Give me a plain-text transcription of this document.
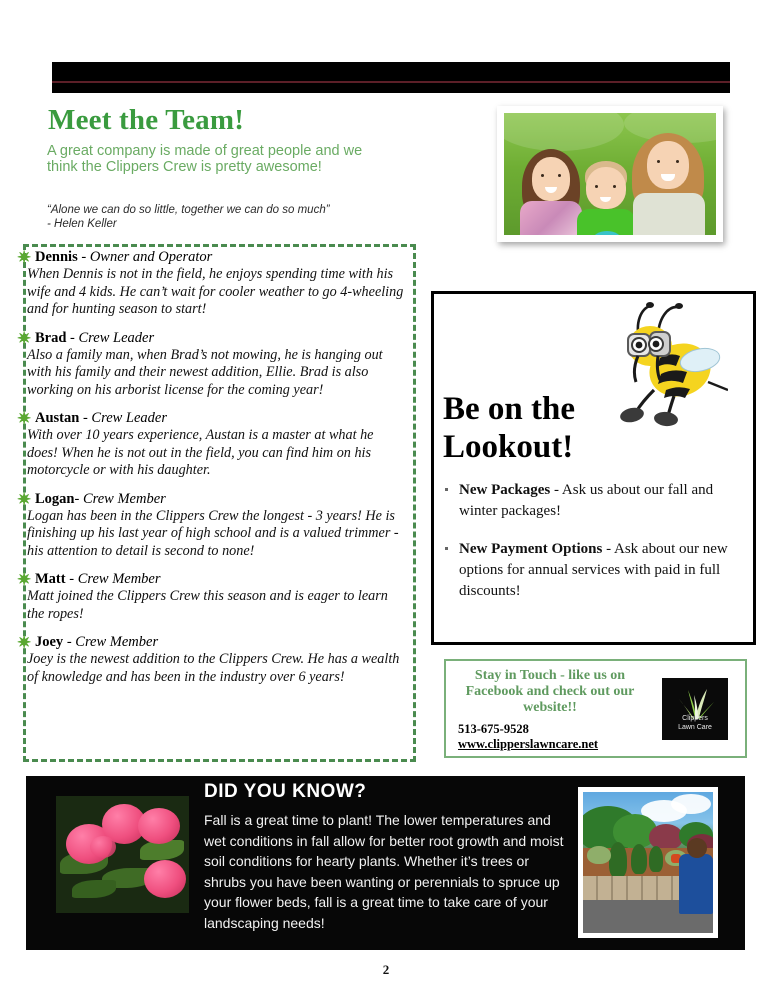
Meet the Team!
A great company is made of great people and we think the Clippers Crew is pretty awesome!
“Alone we can do so little, together we can do so much”
- Helen Keller
✷ Dennis - Owner and Operator
When Dennis is not in the field, he enjoys spending time with his wife and 4 kids. He can’t wait for cooler weather to go 4-wheeling and for hunting season to start!
✷ Brad - Crew Leader
Also a family man, when Brad’s not mowing, he is hanging out with his family and their newest addition, Ellie. Brad is also working on his arborist license for the coming year!
✷ Austan - Crew Leader
With over 10 years experience, Austan is a master at what he does! When he is not out in the field, you can find him on his motorcycle or with his daughter.
✷ Logan- Crew Member
Logan has been in the Clippers Crew the longest - 3 years! He is finishing up his last year of high school and is a valued trimmer - his attention to detail is second to none!
✷ Matt - Crew Member
Matt joined the Clippers Crew this season and is eager to learn the ropes!
✷ Joey - Crew Member
Joey is the newest addition to the Clippers Crew. He has a wealth of knowledge and has been in the industry over 6 years!
Be on the Lookout!
New Packages - Ask us about our fall and winter packages!
New Payment Options - Ask about our new options for annual services with paid in full discounts!
Stay in Touch - like us on Facebook and check out our website!!
513-675-9528
www.clipperslawncare.net
Clippers
Lawn Care
DID YOU KNOW?
Fall is a great time to plant! The lower temperatures and wet conditions in fall allow for better root growth and moist soil conditions for hearty plants. Whether it’s trees or shrubs you have been wanting or perennials to spruce up your flower beds, fall is a great time to take care of your landscaping needs!
2
